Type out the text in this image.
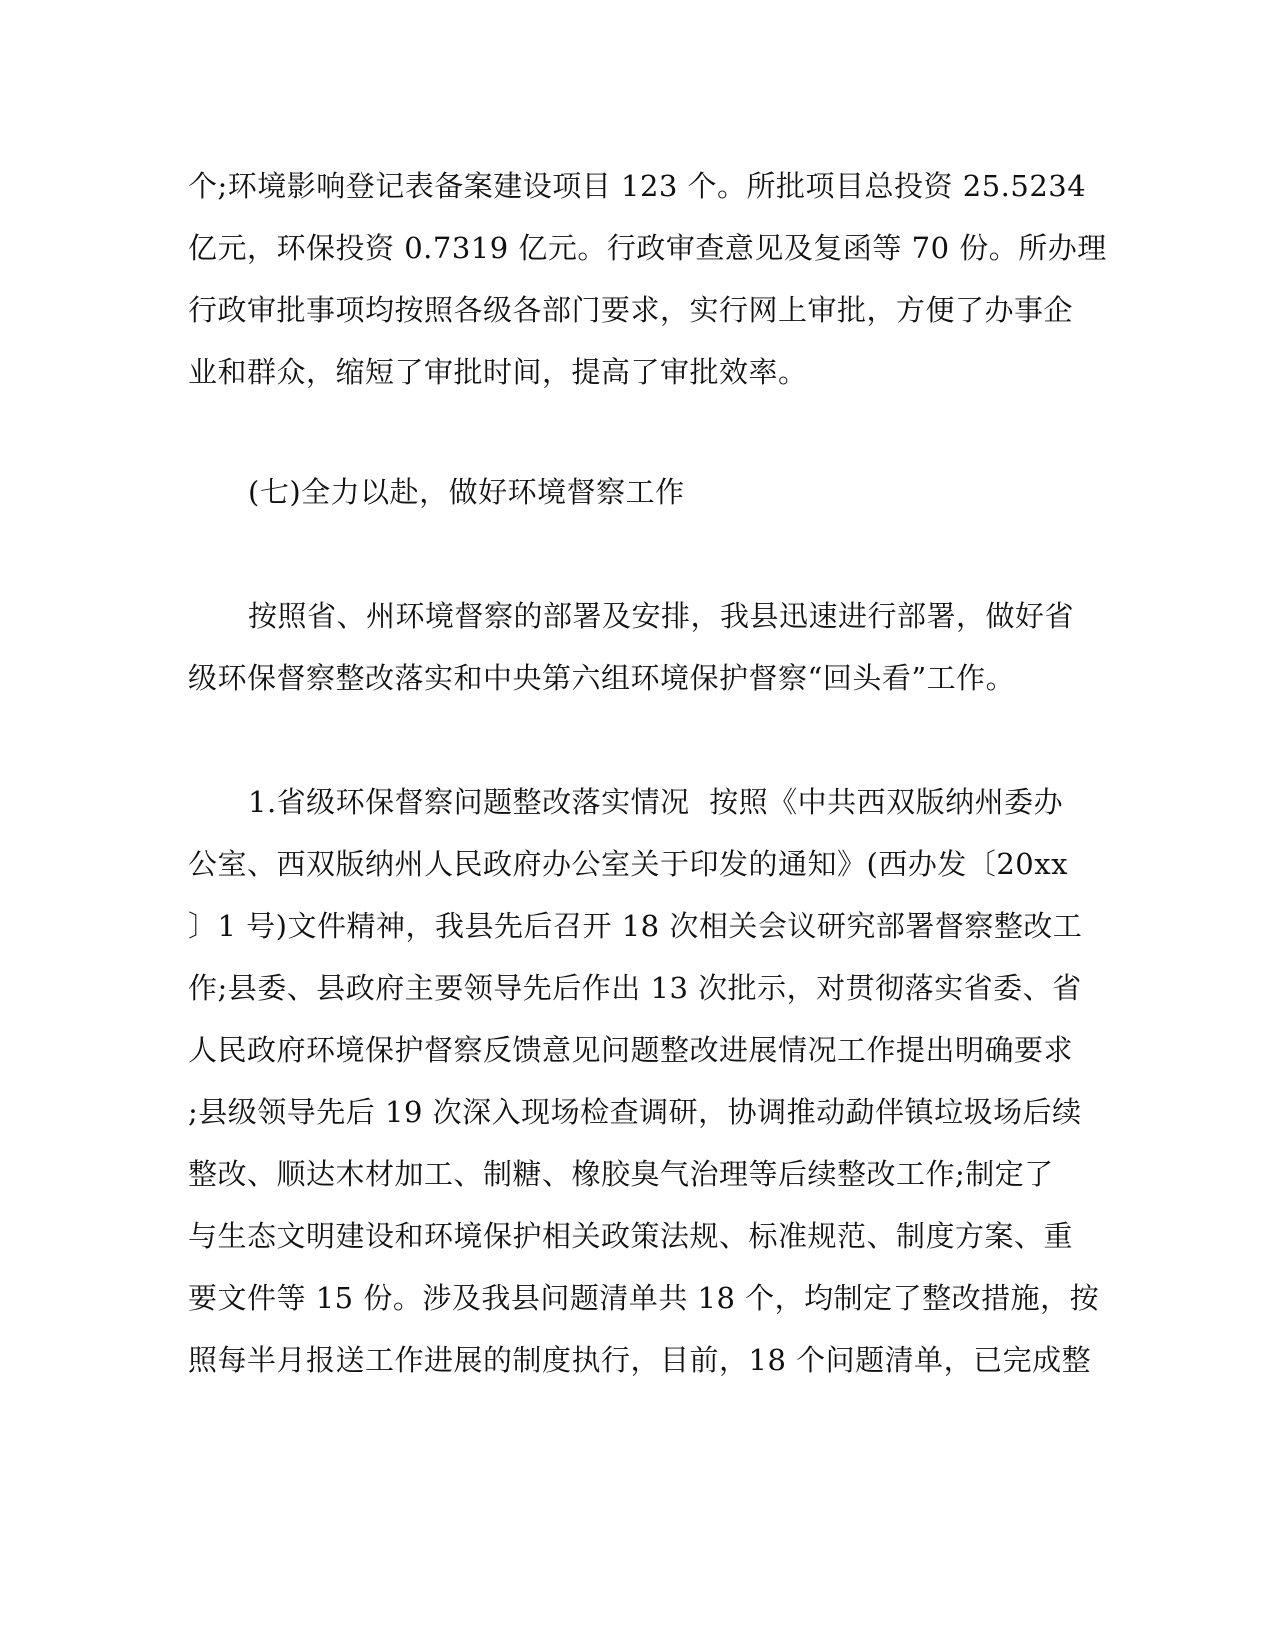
个;环境影响登记表备案建设项目 123 个。所批项目总投资 25.5234
亿元，环保投资 0.7319 亿元。行政审查意见及复函等 70 份。所办理
行政审批事项均按照各级各部门要求，实行网上审批，方便了办事企
业和群众，缩短了审批时间，提高了审批效率。
(七)全力以赴，做好环境督察工作
按照省、州环境督察的部署及安排，我县迅速进行部署，做好省
级环保督察整改落实和中央第六组环境保护督察“回头看”工作。
1.省级环保督察问题整改落实情况  按照《中共西双版纳州委办
公室、西双版纳州人民政府办公室关于印发的通知》(西办发〔20xx
〕1 号)文件精神，我县先后召开 18 次相关会议研究部署督察整改工
作;县委、县政府主要领导先后作出 13 次批示，对贯彻落实省委、省
人民政府环境保护督察反馈意见问题整改进展情况工作提出明确要求
;县级领导先后 19 次深入现场检查调研，协调推动勐伴镇垃圾场后续
整改、顺达木材加工、制糖、橡胶臭气治理等后续整改工作;制定了
与生态文明建设和环境保护相关政策法规、标准规范、制度方案、重
要文件等 15 份。涉及我县问题清单共 18 个，均制定了整改措施，按
照每半月报送工作进展的制度执行，目前，18 个问题清单，已完成整
